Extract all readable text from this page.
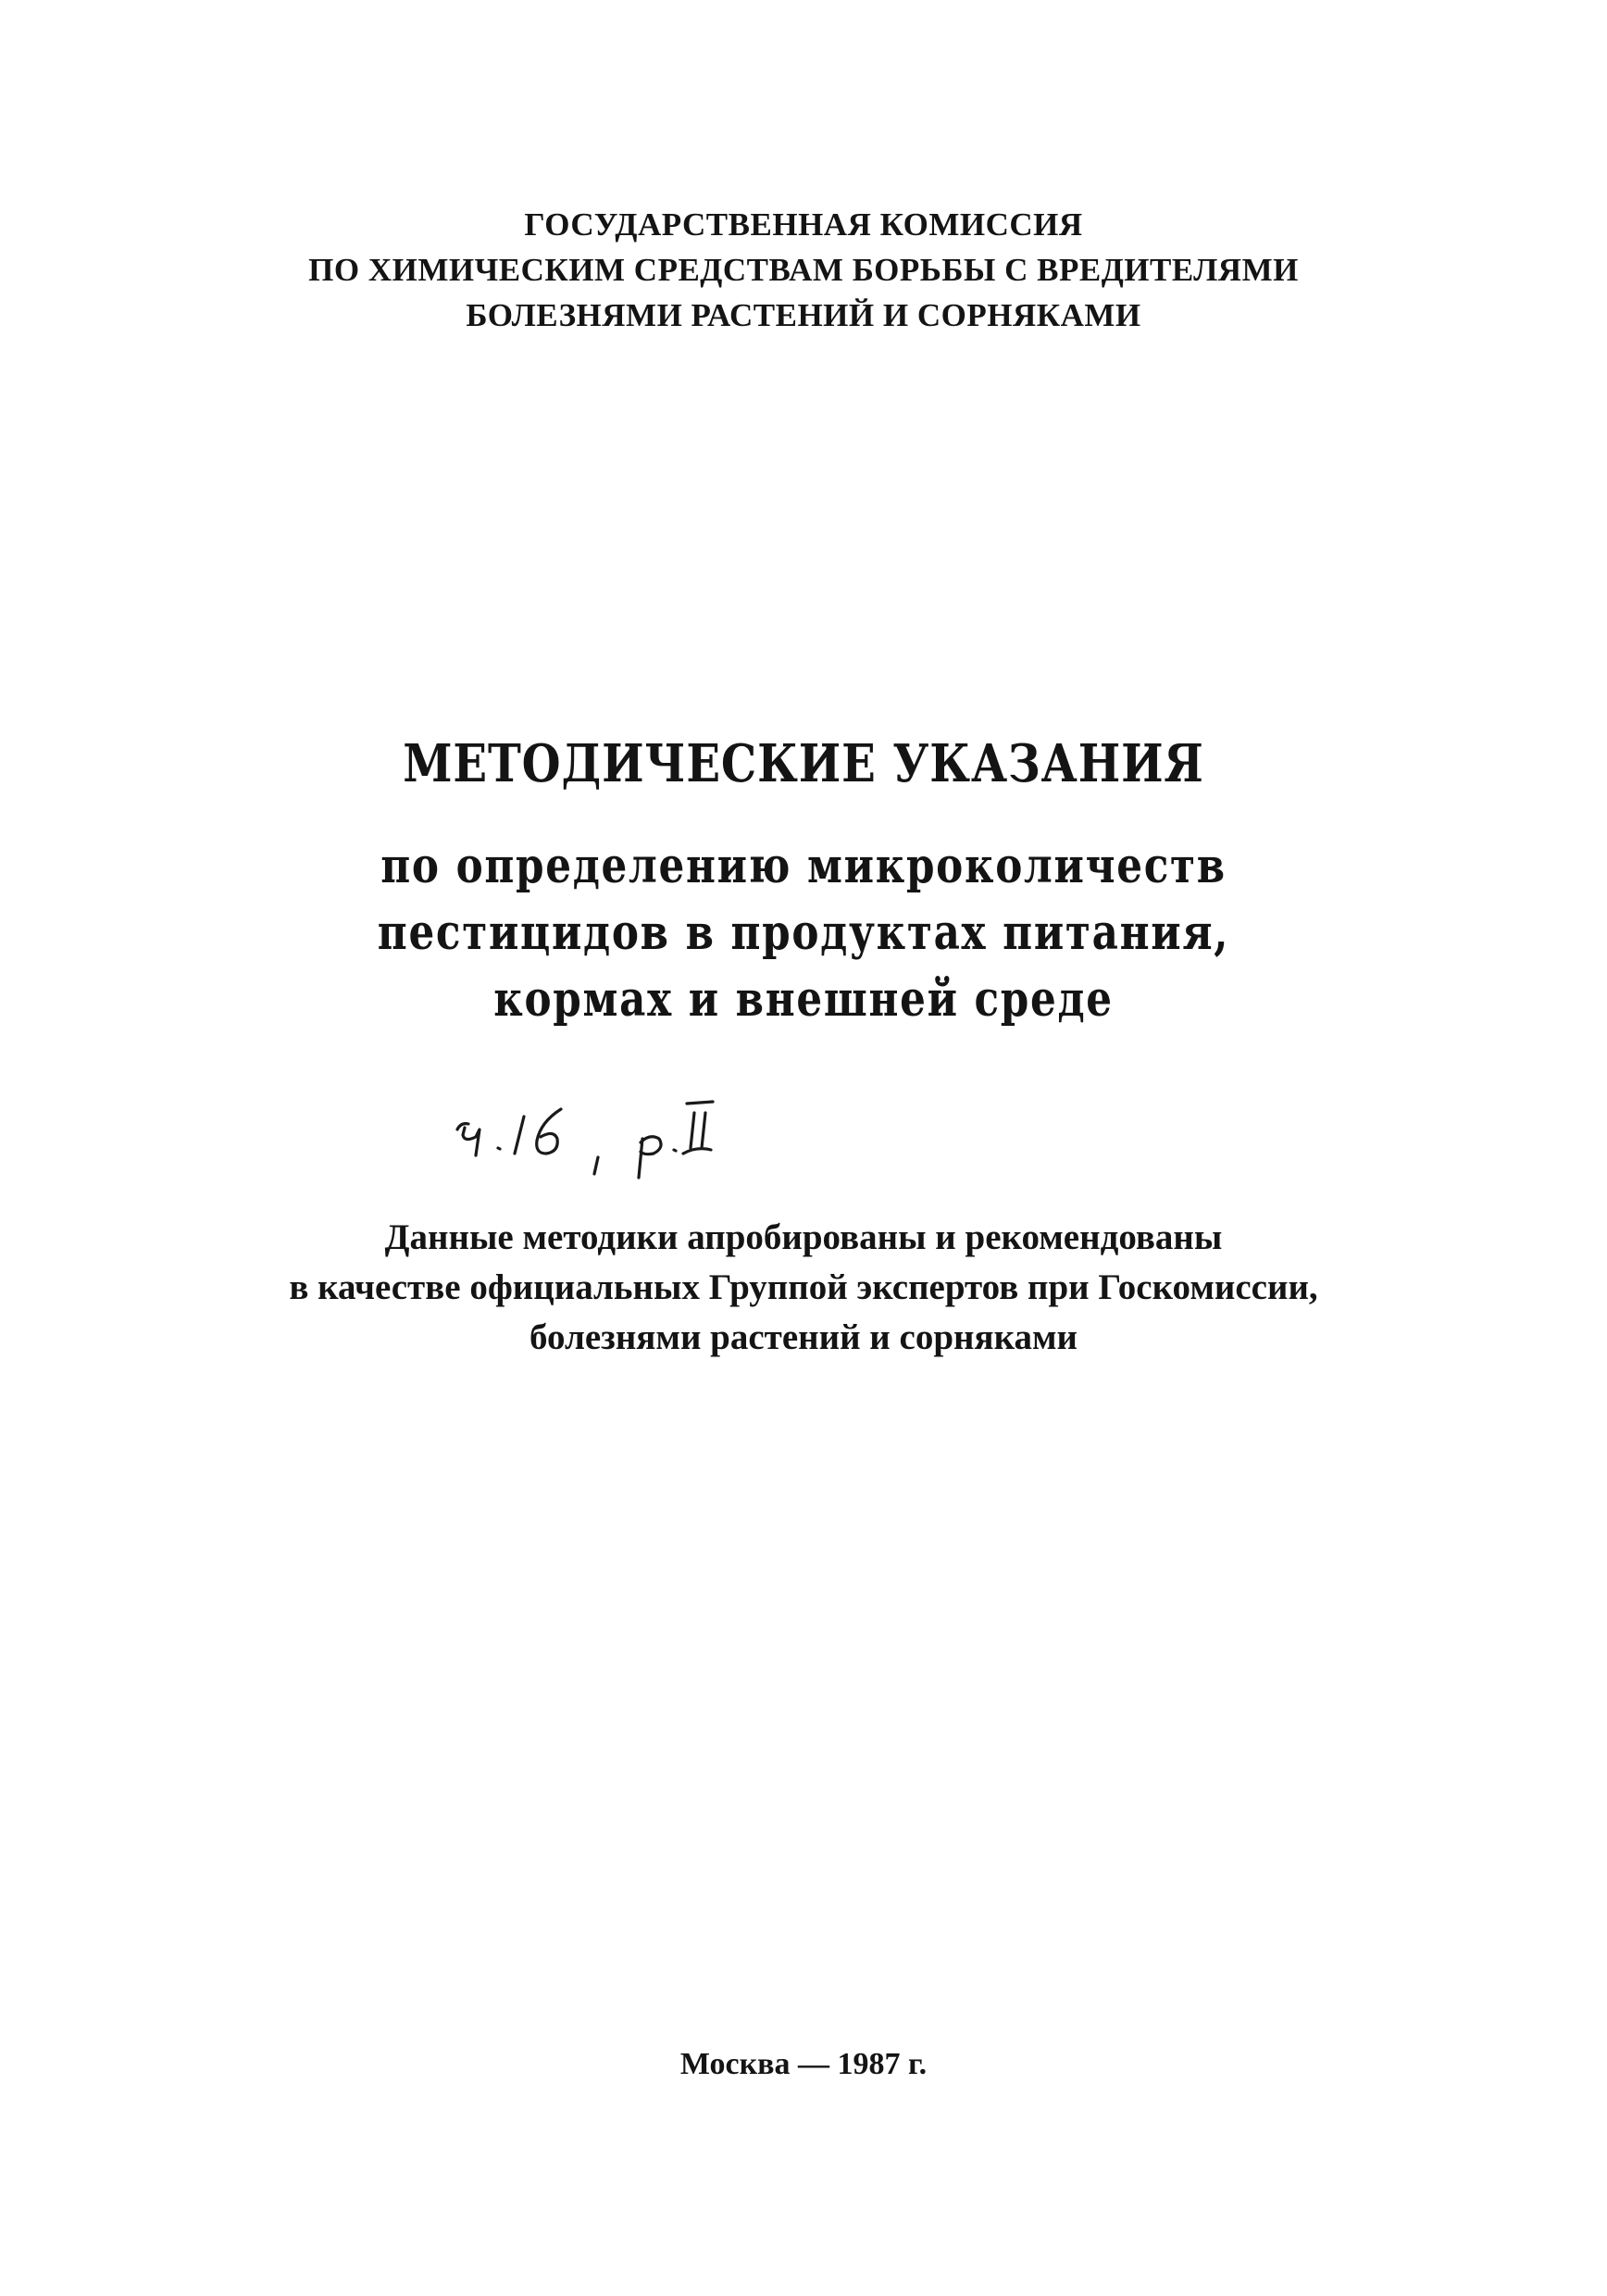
ГОСУДАРСТВЕННАЯ КОМИССИЯ
ПО ХИМИЧЕСКИМ СРЕДСТВАМ БОРЬБЫ С ВРЕДИТЕЛЯМИ
БОЛЕЗНЯМИ РАСТЕНИЙ И СОРНЯКАМИ
МЕТОДИЧЕСКИЕ УКАЗАНИЯ
по определению микроколичеств
пестицидов в продуктах питания,
кормах и внешней среде
Данные методики апробированы и рекомендованы
в качестве официальных Группой экспертов при Госкомиссии,
болезнями растений и сорняками
Москва — 1987 г.
